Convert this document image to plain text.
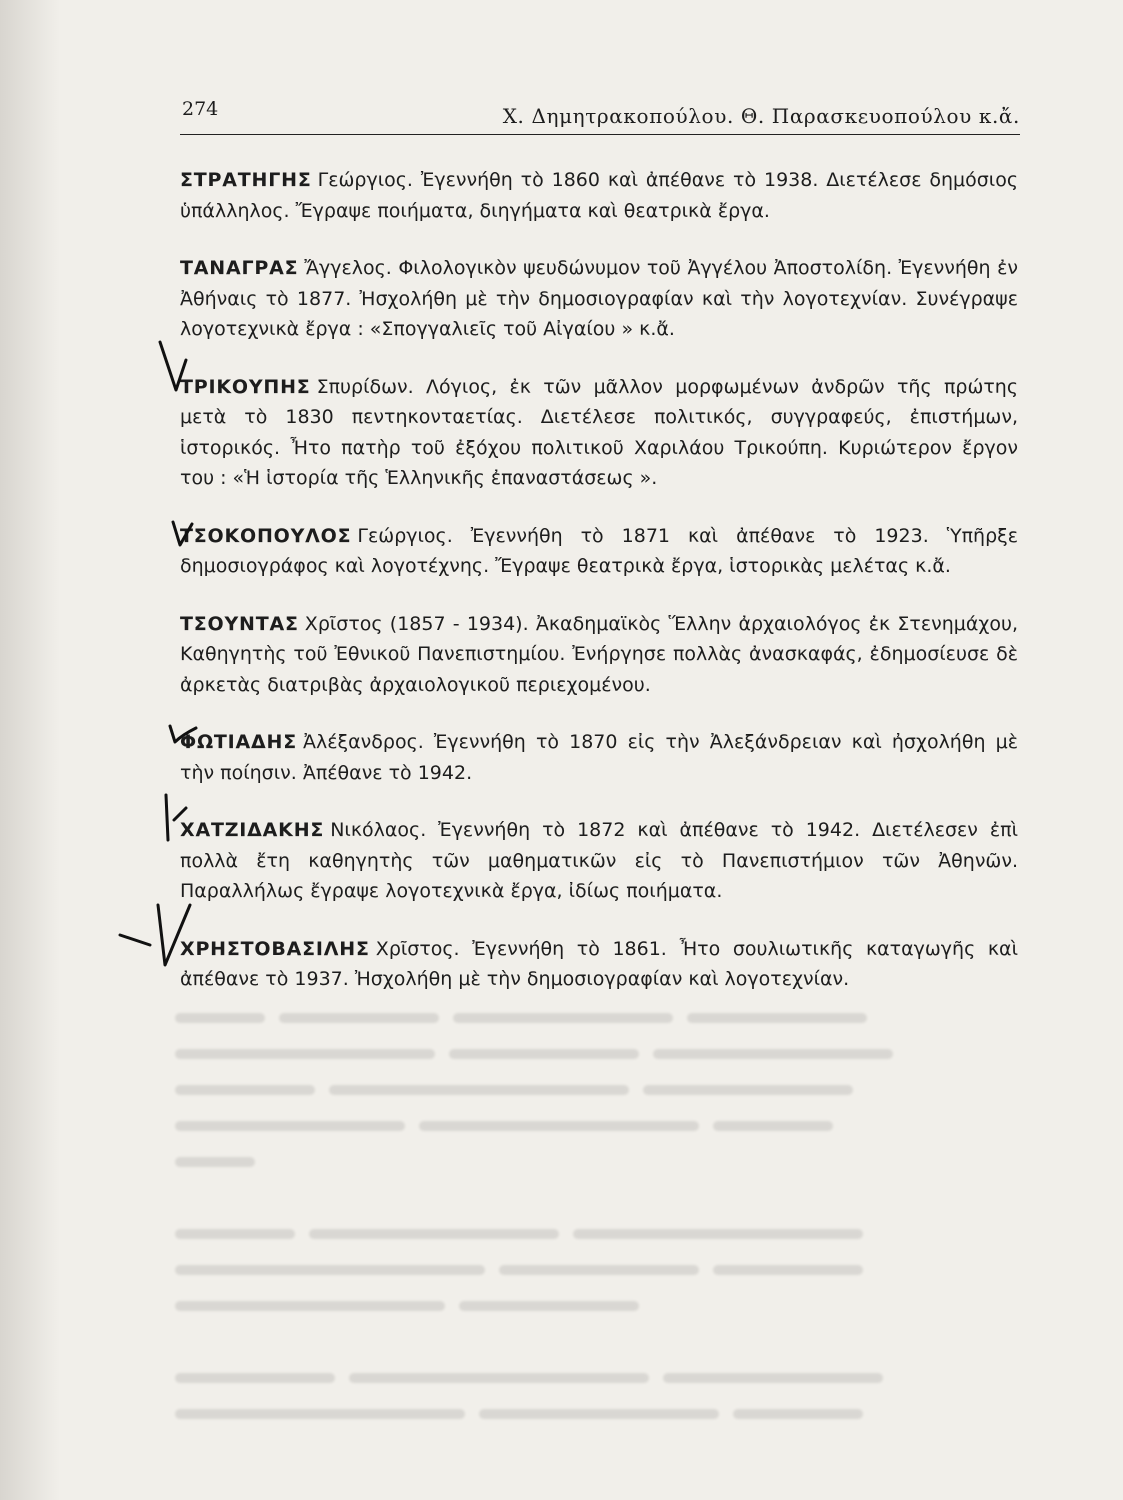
274	Χ. Δημητρακοπούλου. Θ. Παρασκευοπούλου κ.ἄ.

ΣΤΡΑΤΗΓΗΣ Γεώργιος. Ἐγεννήθη τὸ 1860 καὶ ἀπέθανε τὸ 1938. Διετέλεσε δημόσιος ὑπάλληλος. Ἔγραψε ποιήματα, διηγήματα καὶ θεατρικὰ ἔργα.

ΤΑΝΑΓΡΑΣ Ἄγγελος. Φιλολογικὸν ψευδώνυμον τοῦ Ἀγγέλου Ἀποστολίδη. Ἐγεννήθη ἐν Ἀθήναις τὸ 1877. Ἠσχολήθη μὲ τὴν δημοσιογραφίαν καὶ τὴν λογοτεχνίαν. Συνέγραψε λογοτεχνικὰ ἔργα : «Σπογγαλιεῖς τοῦ Αἰγαίου » κ.ἄ.

ΤΡΙΚΟΥΠΗΣ Σπυρίδων. Λόγιος, ἐκ τῶν μᾶλλον μορφωμένων ἀνδρῶν τῆς πρώτης μετὰ τὸ 1830 πεντηκονταετίας. Διετέλεσε πολιτικός, συγγραφεύς, ἐπιστήμων, ἱστορικός. Ἦτο πατὴρ τοῦ ἐξόχου πολιτικοῦ Χαριλάου Τρικούπη. Κυριώτερον ἔργον του : «Ἡ ἱστορία τῆς Ἑλληνικῆς ἐπαναστάσεως ».

ΤΣΟΚΟΠΟΥΛΟΣ Γεώργιος. Ἐγεννήθη τὸ 1871 καὶ ἀπέθανε τὸ 1923. Ὑπῆρξε δημοσιογράφος καὶ λογοτέχνης. Ἔγραψε θεατρικὰ ἔργα, ἱστορικὰς μελέτας κ.ἄ.

ΤΣΟΥΝΤΑΣ Χρῖστος (1857 - 1934). Ἀκαδημαϊκὸς Ἕλλην ἀρχαιολόγος ἐκ Στενημάχου, Καθηγητὴς τοῦ Ἐθνικοῦ Πανεπιστημίου. Ἐνήργησε πολλὰς ἀνασκαφάς, ἐδημοσίευσε δὲ ἀρκετὰς διατριβὰς ἀρχαιολογικοῦ περιεχομένου.

ΦΩΤΙΑΔΗΣ Ἀλέξανδρος. Ἐγεννήθη τὸ 1870 εἰς τὴν Ἀλεξάνδρειαν καὶ ἠσχολήθη μὲ τὴν ποίησιν. Ἀπέθανε τὸ 1942.

ΧΑΤΖΙΔΑΚΗΣ Νικόλαος. Ἐγεννήθη τὸ 1872 καὶ ἀπέθανε τὸ 1942. Διετέλεσεν ἐπὶ πολλὰ ἔτη καθηγητὴς τῶν μαθηματικῶν εἰς τὸ Πανεπιστήμιον τῶν Ἀθηνῶν. Παραλλήλως ἔγραψε λογοτεχνικὰ ἔργα, ἰδίως ποιήματα.

ΧΡΗΣΤΟΒΑΣΙΛΗΣ Χρῖστος. Ἐγεννήθη τὸ 1861. Ἦτο σουλιωτικῆς καταγωγῆς καὶ ἀπέθανε τὸ 1937. Ἠσχολήθη μὲ τὴν δημοσιογραφίαν καὶ λογοτεχνίαν.
